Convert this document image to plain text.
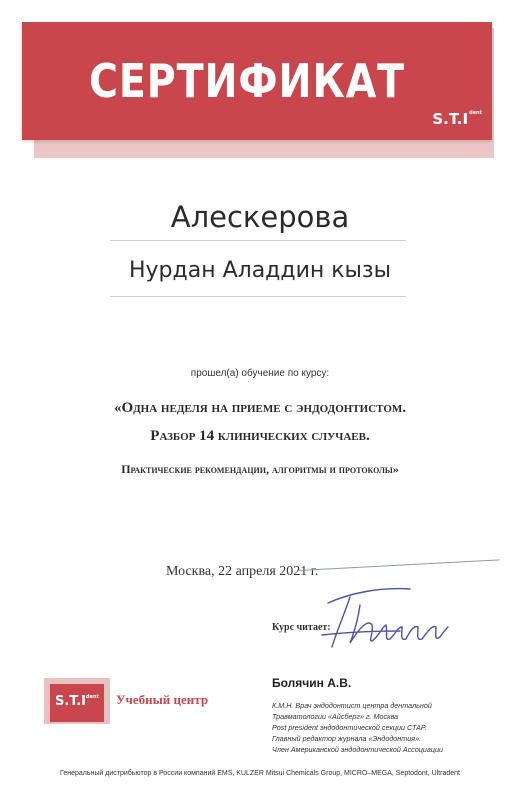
СЕРТИФИКАТ
$S.T.I^{dent}$
Алескерова
Нурдан Аладдин кызы
прошел(а) обучение по курсу:
«Одна неделя на приеме с эндодонтистом.
Разбор 14 клинических случаев.
Практические рекомендации, алгоритмы и протоколы»
Москва, 22 апреля 2021 г.
Курс читает:
$S.T.I^{dent}$	Учебный центр
Болячин А.В.
К.М.Н. Врач эндодонтист центра дентальной
Травматологии «Айсберг» г. Москва
Post president эндодонтической секции СТАР.
Главный редактор журнала «Эндодонтия».
Член Американской эндодонтической Ассоциации
Генеральный дистрибьютор в России компаний EMS, KULZER Mitsui Chemicals Group, MICRO–MEGA, Septodont, Ultradent
